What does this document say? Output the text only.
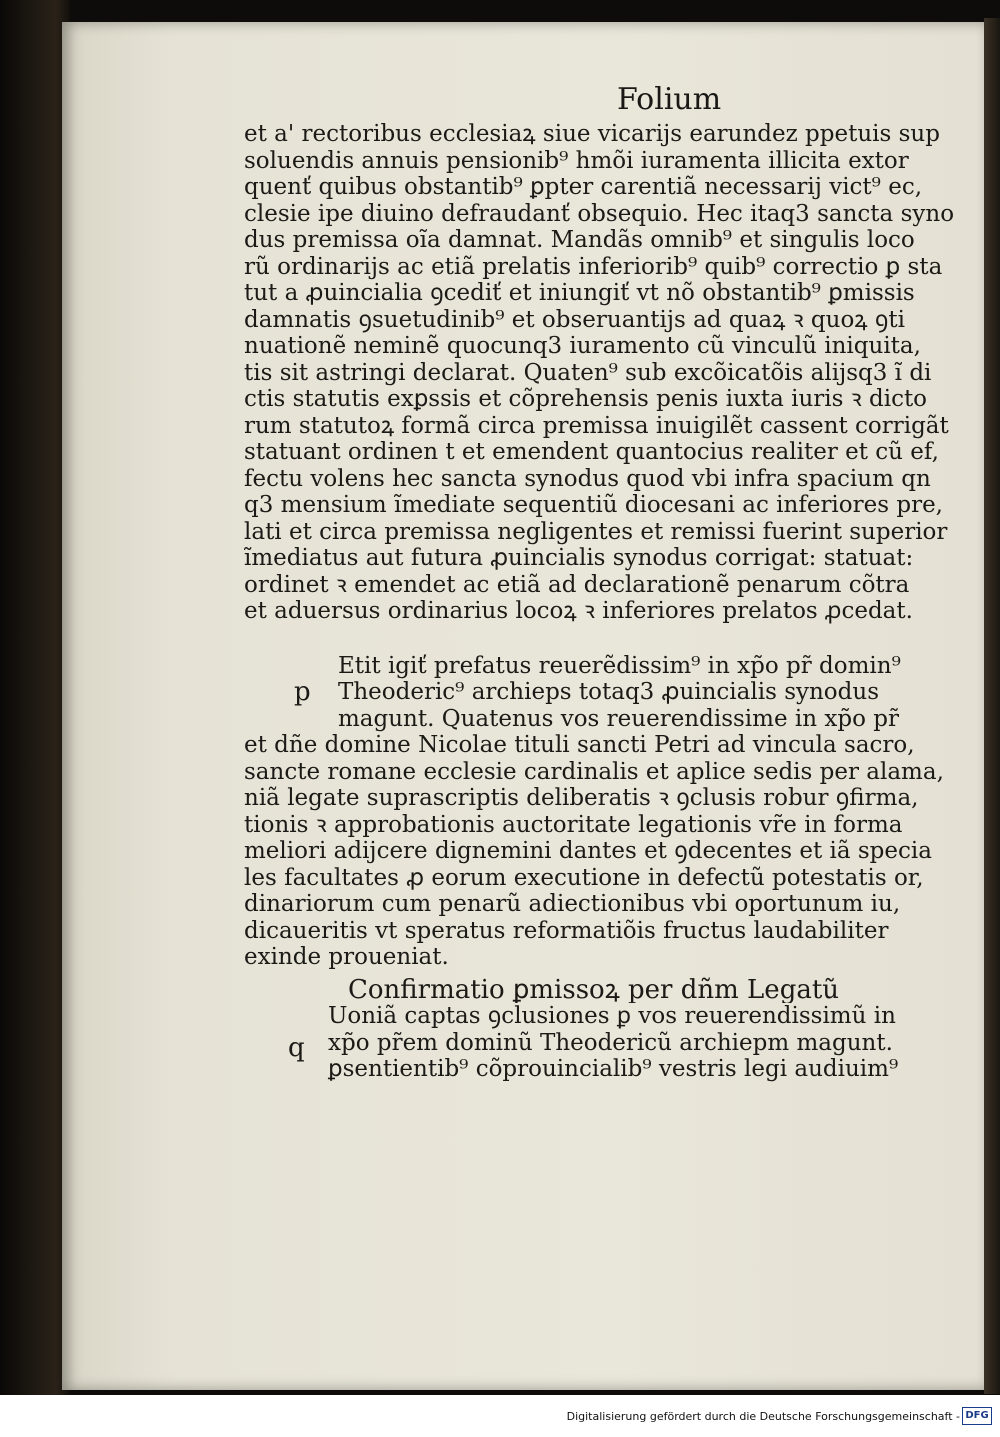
Folium
et a' rectoribus ecclesiaꝝ siue vicarijs earundez ppetuis sup
soluendis annuis pensionib⁹ hmõi iuramenta illicita extor
quenť quibus obstantib⁹ ꝑpter carentiã necessarij vict⁹ ec,
clesie ipe diuino defraudanť obsequio. Hec itaq3 sancta syno
dus premissa oĩa damnat. Mandãs omnib⁹ et singulis loco
rũ ordinarijs ac etiã prelatis inferiorib⁹ quib⁹ correctio ꝑ sta
tut a ꝓuincialia ꝯcediť et iniungiť vt nõ obstantib⁹ ꝑmissis
damnatis ꝯsuetudinib⁹ et obseruantijs ad quaꝝ ꝛ quoꝝ ꝯti
nuationẽ neminẽ quocunq3 iuramento cũ vinculũ iniquita,
tis sit astringi declarat. Quaten⁹ sub excõicatõis alijsq3 ĩ di
ctis statutis exꝑssis et cõprehensis penis iuxta iuris ꝛ dicto
rum statutoꝝ formã circa premissa inuigilẽt cassent corrigãt
statuant ordinen t et emendent quantocius realiter et cũ ef,
fectu volens hec sancta synodus quod vbi infra spacium qn
q3 mensium ĩmediate sequentiũ diocesani ac inferiores pre,
lati et circa premissa negligentes et remissi fuerint superior
ĩmediatus aut futura ꝓuincialis synodus corrigat: statuat:
ordinet ꝛ emendet ac etiã ad declarationẽ penarum cõtra
et aduersus ordinarius locoꝝ ꝛ inferiores prelatos ꝓcedat.
p
Etit igiť prefatus reuerẽdissim⁹ in xp̃o pr̃ domin⁹
Theoderic⁹ archieps totaq3 ꝓuincialis synodus
magunt. Quatenus vos reuerendissime in xp̃o pr̃
et dñe domine Nicolae tituli sancti Petri ad vincula sacro,
sancte romane ecclesie cardinalis et aplice sedis per alama,
niã legate suprascriptis deliberatis ꝛ ꝯclusis robur ꝯfirma,
tionis ꝛ approbationis auctoritate legationis vr̃e in forma
meliori adijcere dignemini dantes et ꝯdecentes et iã specia
les facultates ꝓ eorum executione in defectũ potestatis or,
dinariorum cum penarũ adiectionibus vbi oportunum iu,
dicaueritis vt speratus reformatiõis fructus laudabiliter
exinde proueniat.
Confirmatio ꝑmissoꝝ per dñm Legatũ
q
Uoniã captas ꝯclusiones ꝑ vos reuerendissimũ in
xp̃o pr̃em dominũ Theodericũ archiepm magunt.
ꝑsentientib⁹ cõprouincialib⁹ vestris legi audiuim⁹
Digitalisierung gefördert durch die Deutsche Forschungsgemeinschaft - DFG
